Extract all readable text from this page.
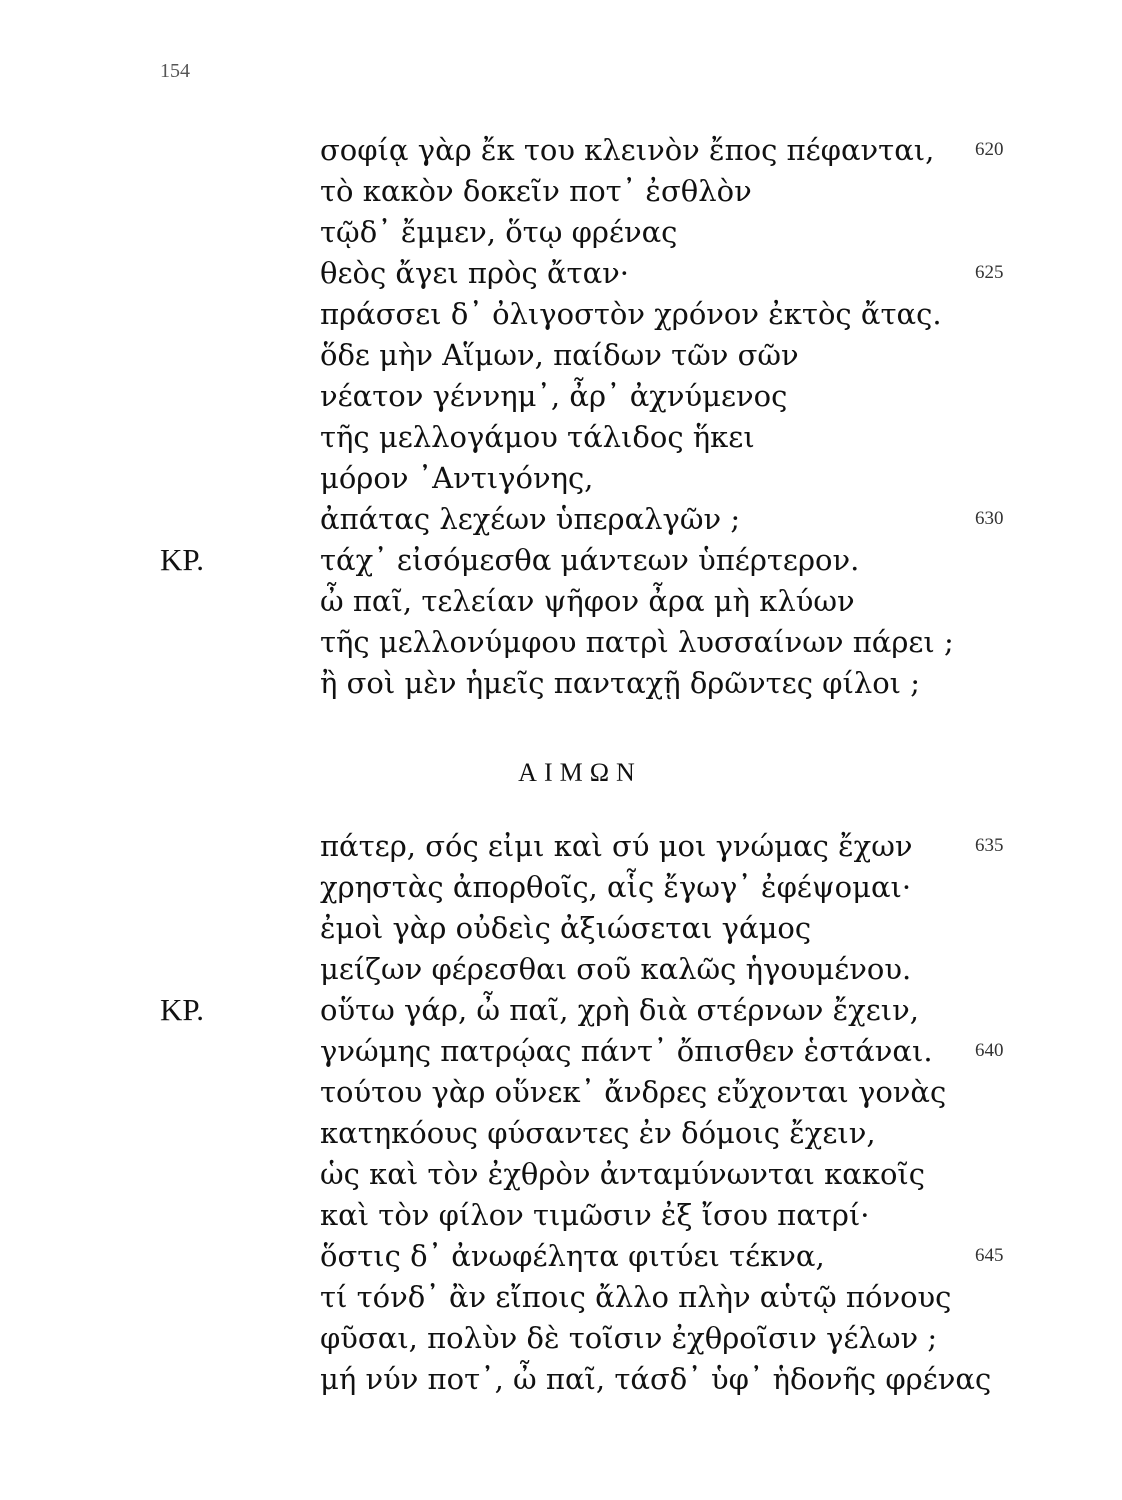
154
σοφίᾳ γὰρ ἔκ του κλεινὸν ἔπος πέφανται, 620
τὸ κακὸν δοκεῖν ποτ᾽ ἐσθλὸν
τῷδ᾽ ἔμμεν, ὅτῳ φρένας
θεὸς ἄγει πρὸς ἄταν·	625
πράσσει δ᾽ ὀλιγοστὸν χρόνον ἐκτὸς ἄτας.
ὅδε μὴν Αἵμων, παίδων τῶν σῶν
νέατον γέννημ᾽, ἆρ᾽ ἀχνύμενος
τῆς μελλογάμου τάλιδος ἥκει
μόρον ᾿Αντιγόνης,
ἀπάτας λεχέων ὑπεραλγῶν ;	630
ΚΡ.	τάχ᾽ εἰσόμεσθα μάντεων ὑπέρτερον.
ὦ παῖ, τελείαν ψῆφον ἆρα μὴ κλύων
τῆς μελλονύμφου πατρὶ λυσσαίνων πάρει ;
ἢ σοὶ μὲν ἡμεῖς πανταχῇ δρῶντες φίλοι ;
ΑΙΜΩΝ
πάτερ, σός εἰμι καὶ σύ μοι γνώμας ἔχων	635
χρηστὰς ἀπορθοῖς, αἷς ἔγωγ᾽ ἐφέψομαι·
ἐμοὶ γὰρ οὐδεὶς ἀξιώσεται γάμος
μείζων φέρεσθαι σοῦ καλῶς ἡγουμένου.
ΚΡ.	οὕτω γάρ, ὦ παῖ, χρὴ διὰ στέρνων ἔχειν,
γνώμης πατρῴας πάντ᾽ ὄπισθεν ἑστάναι. 640
τούτου γὰρ οὕνεκ᾽ ἄνδρες εὔχονται γονὰς
κατηκόους φύσαντες ἐν δόμοις ἔχειν,
ὡς καὶ τὸν ἐχθρὸν ἀνταμύνωνται κακοῖς
καὶ τὸν φίλον τιμῶσιν ἐξ ἴσου πατρί·
ὅστις δ᾽ ἀνωφέλητα φιτύει τέκνα,	645
τί τόνδ᾽ ἂν εἴποις ἄλλο πλὴν αὑτῷ πόνους
φῦσαι, πολὺν δὲ τοῖσιν ἐχθροῖσιν γέλων ;
μή νύν ποτ᾽, ὦ παῖ, τάσδ᾽ ὑφ᾽ ἡδονῆς φρένας
